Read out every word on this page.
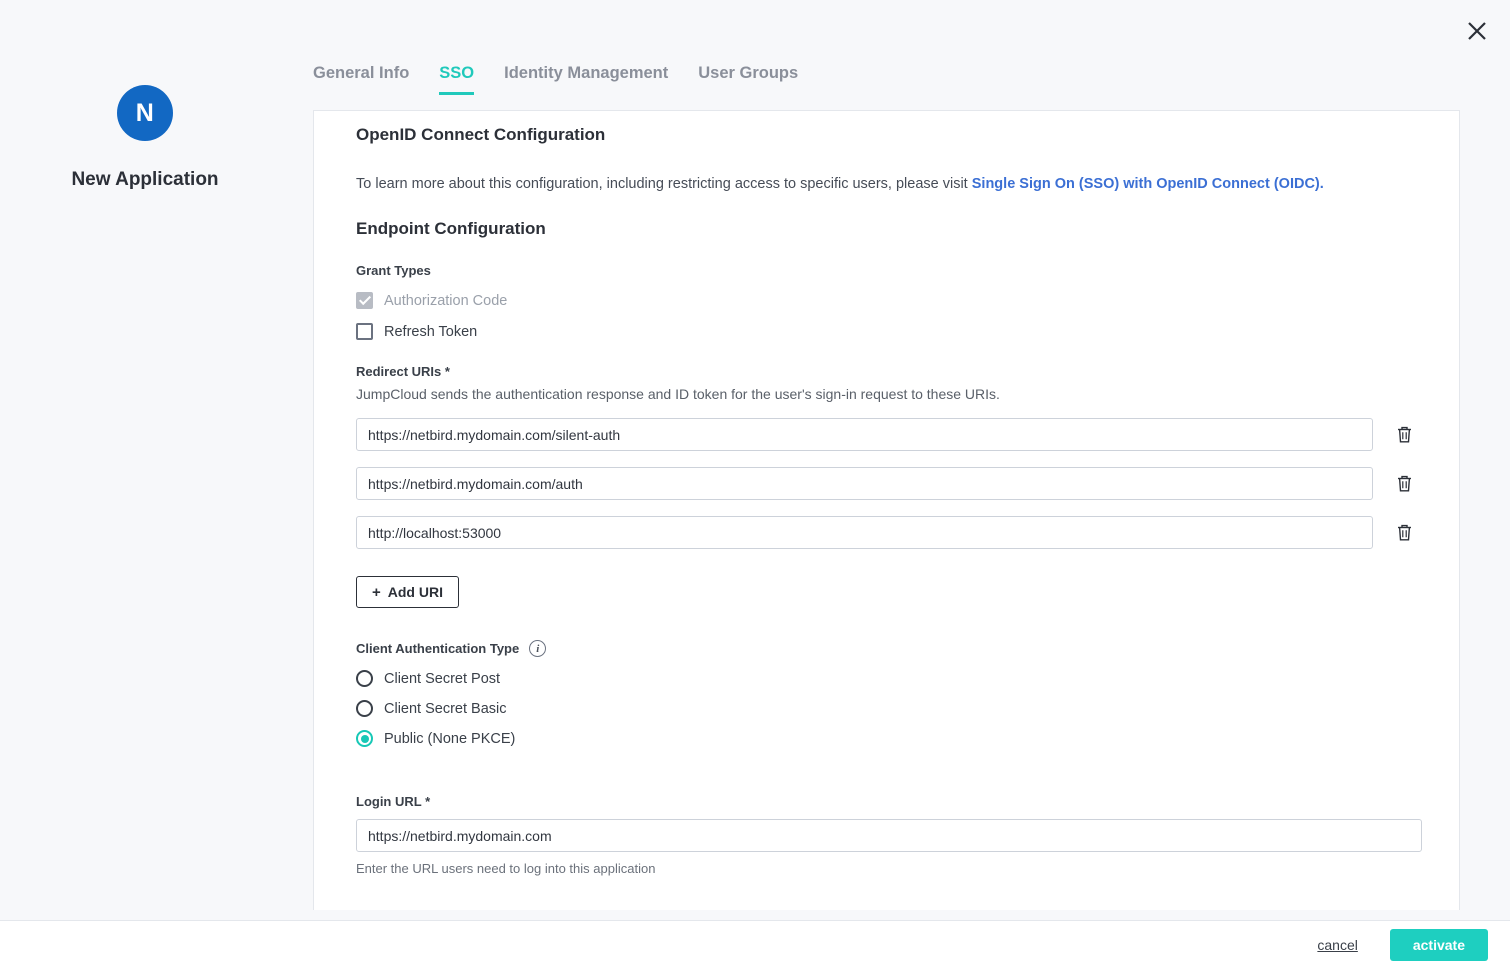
N
New Application
General Info SSO Identity Management User Groups
OpenID Connect Configuration

To learn more about this configuration, including restricting access to specific users, please visit Single Sign On (SSO) with OpenID Connect (OIDC).

Endpoint Configuration
Grant Types
Authorization Code
Refresh Token
Redirect URIs *
JumpCloud sends the authentication response and ID token for the user's sign-in request to these URIs.
https://netbird.mydomain.com/silent-auth
https://netbird.mydomain.com/auth
http://localhost:53000
+ Add URI
Client Authentication Type	i
Client Secret Post
Client Secret Basic
Public (None PKCE)
Login URL *
https://netbird.mydomain.com
Enter the URL users need to log into this application
cancel	activate
